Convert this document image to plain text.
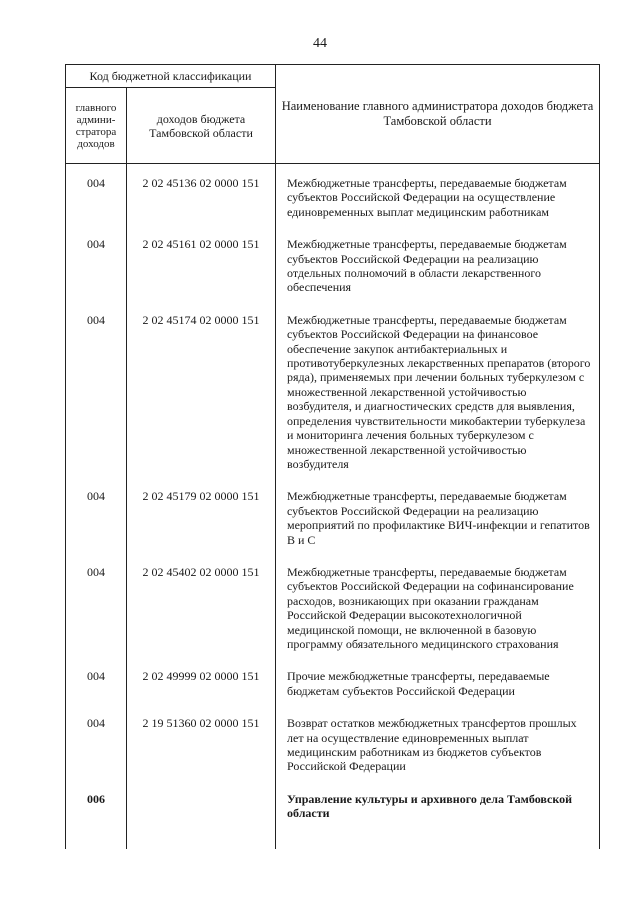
44
Код бюджетной классификации		Наименование главного администратора доходов бюджета Тамбовской области
главного админи-стратора доходов	доходов бюджета Тамбовской области	
004	2 02 45136 02 0000 151	Межбюджетные трансферты, передаваемые бюджетам субъектов Российской Федерации на осуществление единовременных выплат медицинским работникам
004	2 02 45161 02 0000 151	Межбюджетные трансферты, передаваемые бюджетам субъектов Российской Федерации на реализацию отдельных полномочий в области лекарственного обеспечения
004	2 02 45174 02 0000 151	Межбюджетные трансферты, передаваемые бюджетам субъектов Российской Федерации на финансовое обеспечение закупок антибактериальных и противотуберкулезных лекарственных препаратов (второго ряда), применяемых при лечении больных туберкулезом с множественной лекарственной устойчивостью возбудителя, и диагностических средств для выявления, определения чувствительности микобактерии туберкулеза и мониторинга лечения больных туберкулезом с множественной лекарственной устойчивостью возбудителя
004	2 02 45179 02 0000 151	Межбюджетные трансферты, передаваемые бюджетам субъектов Российской Федерации на реализацию мероприятий по профилактике ВИЧ-инфекции и гепатитов В и С
004	2 02 45402 02 0000 151	Межбюджетные трансферты, передаваемые бюджетам субъектов Российской Федерации на софинансирование расходов, возникающих при оказании гражданам Российской Федерации высокотехнологичной медицинской помощи, не включенной в базовую программу обязательного медицинского страхования
004	2 02 49999 02 0000 151	Прочие межбюджетные трансферты, передаваемые бюджетам субъектов Российской Федерации
004	2 19 51360 02 0000 151	Возврат остатков межбюджетных трансфертов прошлых лет на осуществление единовременных выплат медицинским работникам из бюджетов субъектов Российской Федерации
006		Управление культуры и архивного дела Тамбовской области
